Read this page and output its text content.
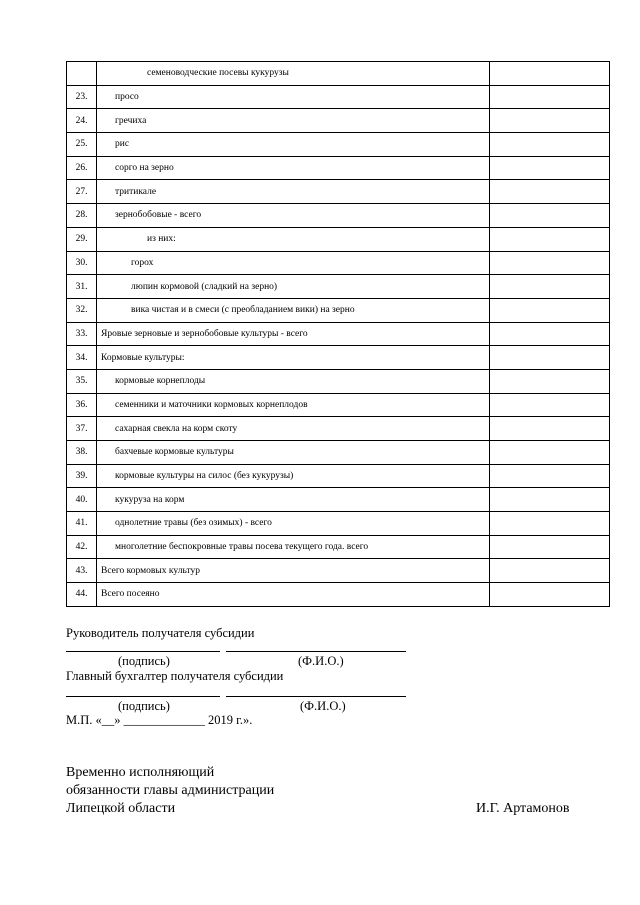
	семеноводческие посевы кукурузы	
23.	просо	
24.	гречиха	
25.	рис	
26.	сорго на зерно	
27.	тритикале	
28.	зернобобовые - всего	
29.	из них:	
30.	горох	
31.	люпин кормовой (сладкий на зерно)	
32.	вика чистая и в смеси (с преобладанием вики) на зерно	
33.	Яровые зерновые и зернобобовые культуры - всего	
34.	Кормовые культуры:	
35.	кормовые корнеплоды	
36.	семенники и маточники кормовых корнеплодов	
37.	сахарная свекла на корм скоту	
38.	бахчевые кормовые культуры	
39.	кормовые культуры на силос (без кукурузы)	
40.	кукуруза на корм	
41.	однолетние травы (без озимых) - всего	
42.	многолетние беспокровные травы посева текущего года. всего	
43.	Всего кормовых культур	
44.	Всего посеяно	
Руководитель получателя субсидии
(подпись)	(Ф.И.О.)
Главный бухгалтер получателя субсидии
(подпись)	(Ф.И.О.)
М.П. «__» _____________ 2019 г.».
Временно исполняющий
обязанности главы администрации
Липецкой области	И.Г. Артамонов
